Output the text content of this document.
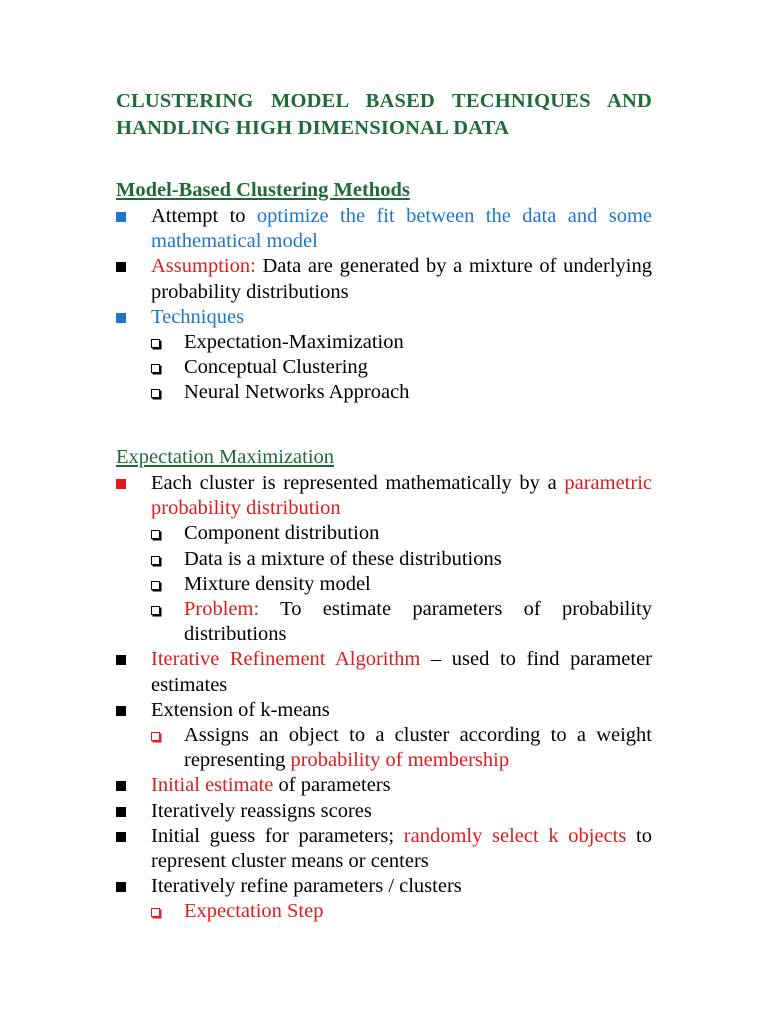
CLUSTERING MODEL BASED TECHNIQUES AND HANDLING HIGH DIMENSIONAL DATA
Model-Based Clustering Methods
Attempt to optimize the fit between the data and some mathematical model
Assumption: Data are generated by a mixture of underlying probability distributions
Techniques
Expectation-Maximization
Conceptual Clustering
Neural Networks Approach
Expectation Maximization
Each cluster is represented mathematically by a parametric probability distribution
Component distribution
Data is a mixture of these distributions
Mixture density model
Problem: To estimate parameters of probability distributions
Iterative Refinement Algorithm – used to find parameter estimates
Extension of k-means
Assigns an object to a cluster according to a weight representing probability of membership
Initial estimate of parameters
Iteratively reassigns scores
Initial guess for parameters; randomly select k objects to represent cluster means or centers
Iteratively refine parameters / clusters
Expectation Step
